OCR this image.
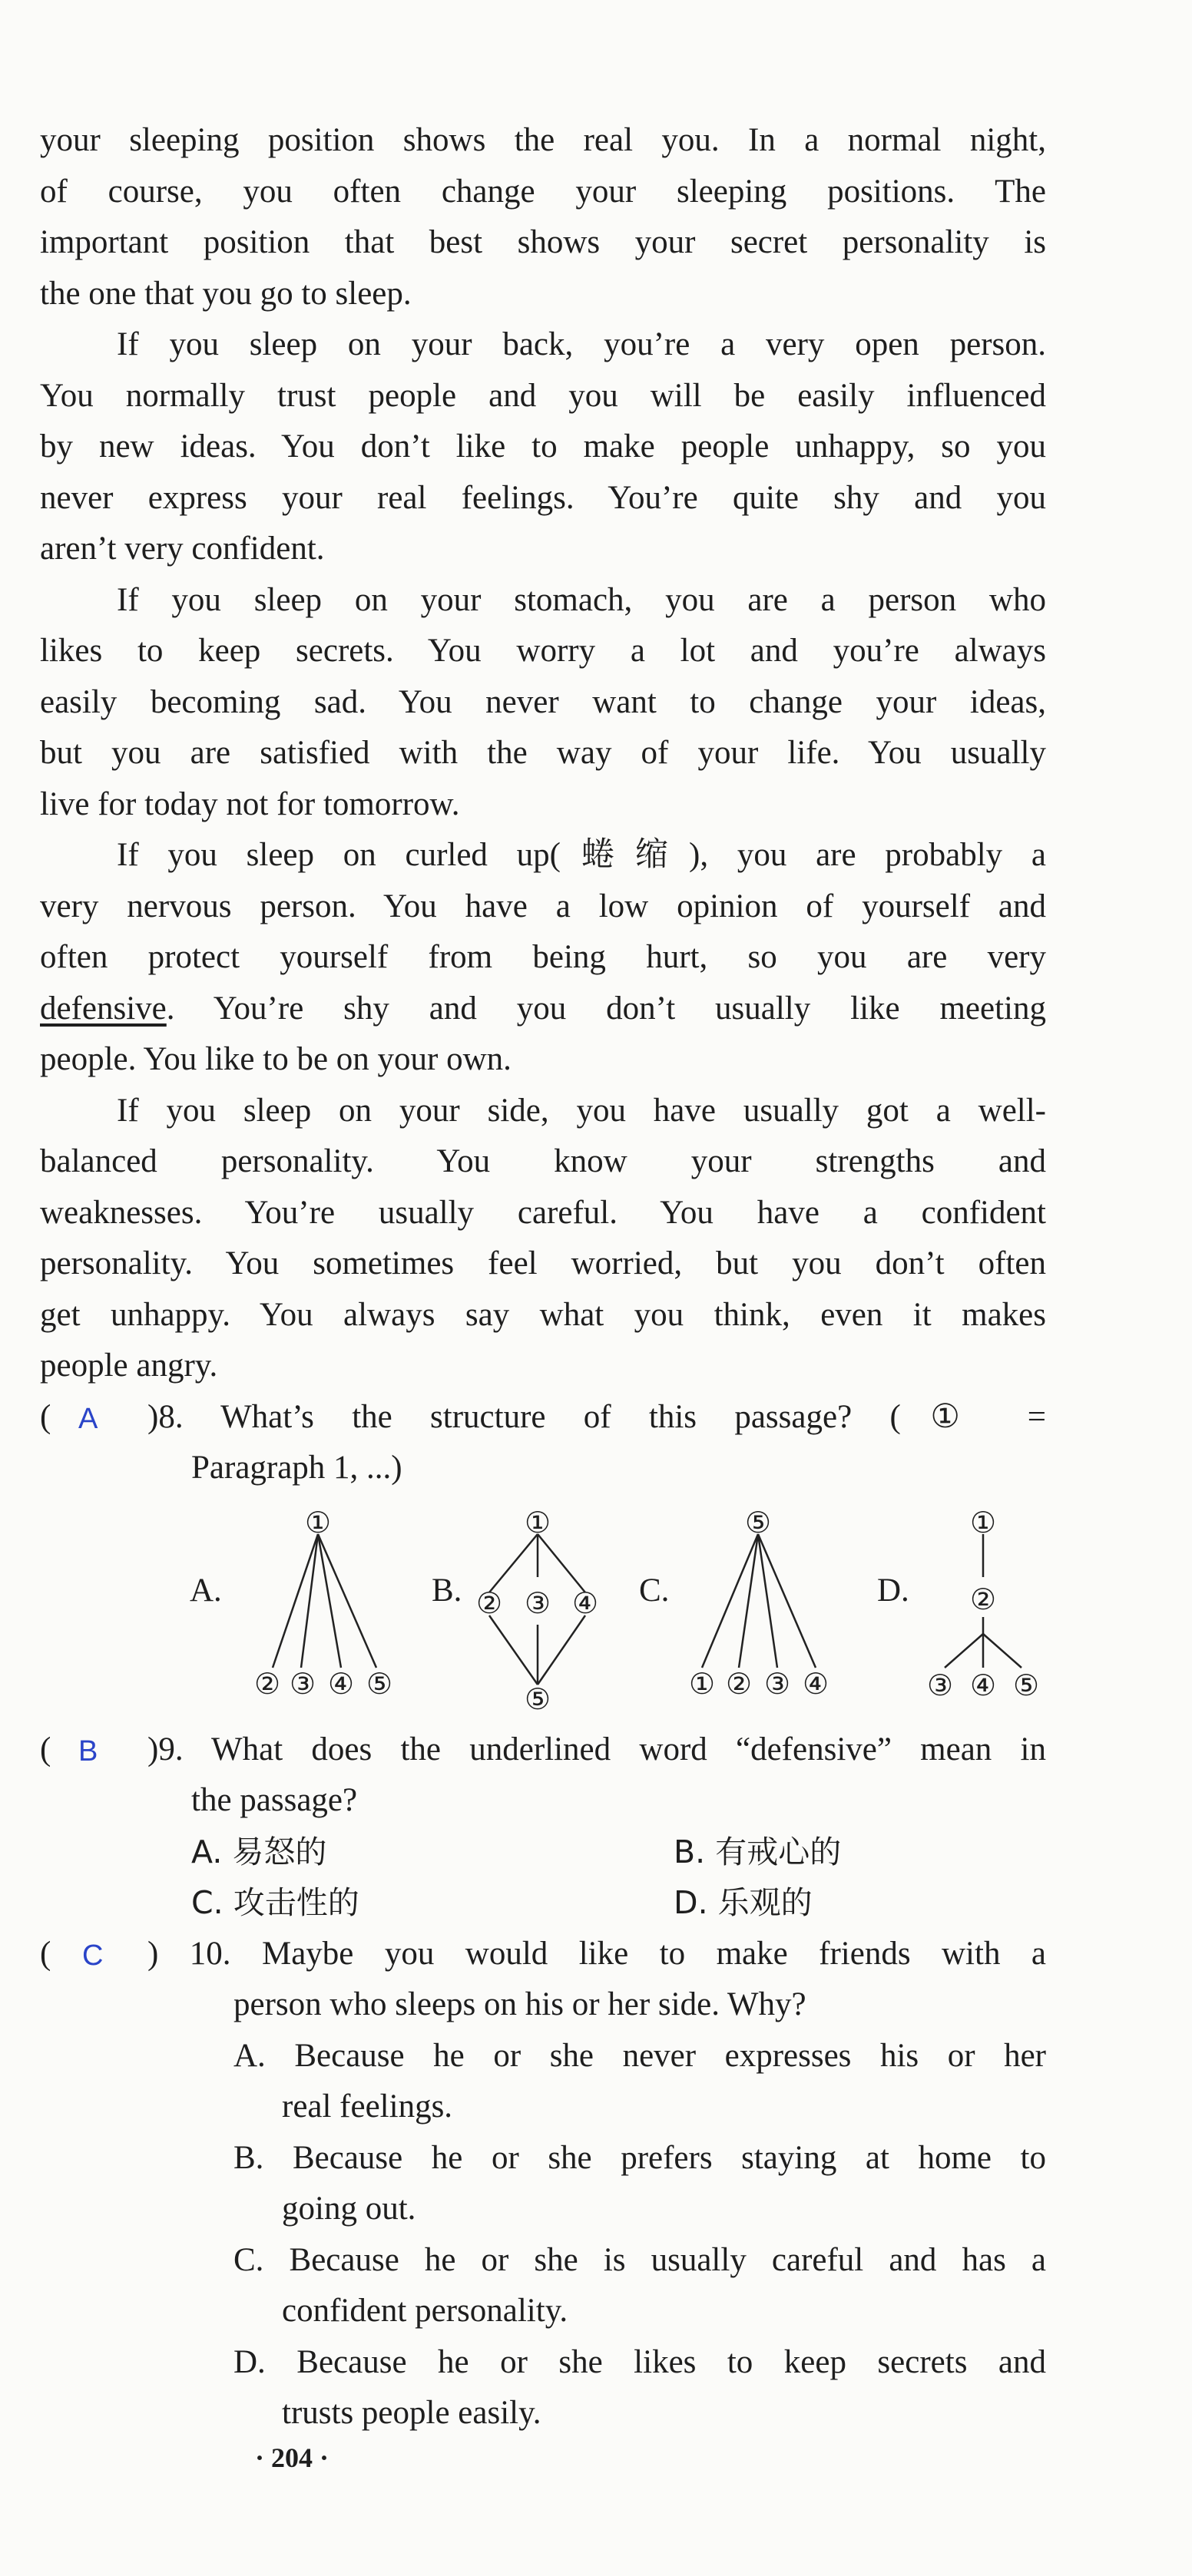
your sleeping position shows the real you. In a normal night,

of course, you often change your sleeping positions. The

important position that best shows your secret personality is

the one that you go to sleep.

If you sleep on your back, you’re a very open person.

You normally trust people and you will be easily influenced

by new ideas. You don’t like to make people unhappy, so you

never express your real feelings. You’re quite shy and you

aren’t very confident.

If you sleep on your stomach, you are a person who

likes to keep secrets. You worry a lot and you’re always

easily becoming sad. You never want to change your ideas,

but you are satisfied with the way of your life. You usually

live for today not for tomorrow.

If you sleep on curled up(蜷缩), you are probably a

very nervous person. You have a low opinion of yourself and

often protect yourself from being hurt, so you are very

defensive. You’re shy and you don’t usually like meeting

people. You like to be on your own.

If you sleep on your side, you have usually got a well-

balanced personality. You know your strengths and

weaknesses. You’re usually careful. You have a confident

personality. You sometimes feel worried, but you don’t often

get unhappy. You always say what you think, even it makes

people angry.

( A )8. What’s the structure of this passage? (① =
Paragraph 1, ...)
A.	B.	C.	D.
①
② ③ ④ ⑤
①
② ③ ④
⑤
⑤
① ② ③ ④
①
②
③ ④ ⑤
( B )9. What does the underlined word “defensive” mean in
the passage?
A. 易怒的	B. 有戒心的
C. 攻击性的	D. 乐观的
( C ) 10. Maybe you would like to make friends with a
person who sleeps on his or her side. Why?
A. Because he or she never expresses his or her
real feelings.
B. Because he or she prefers staying at home to
going out.
C. Because he or she is usually careful and has a
confident personality.
D. Because he or she likes to keep secrets and
trusts people easily.
· 204 ·
